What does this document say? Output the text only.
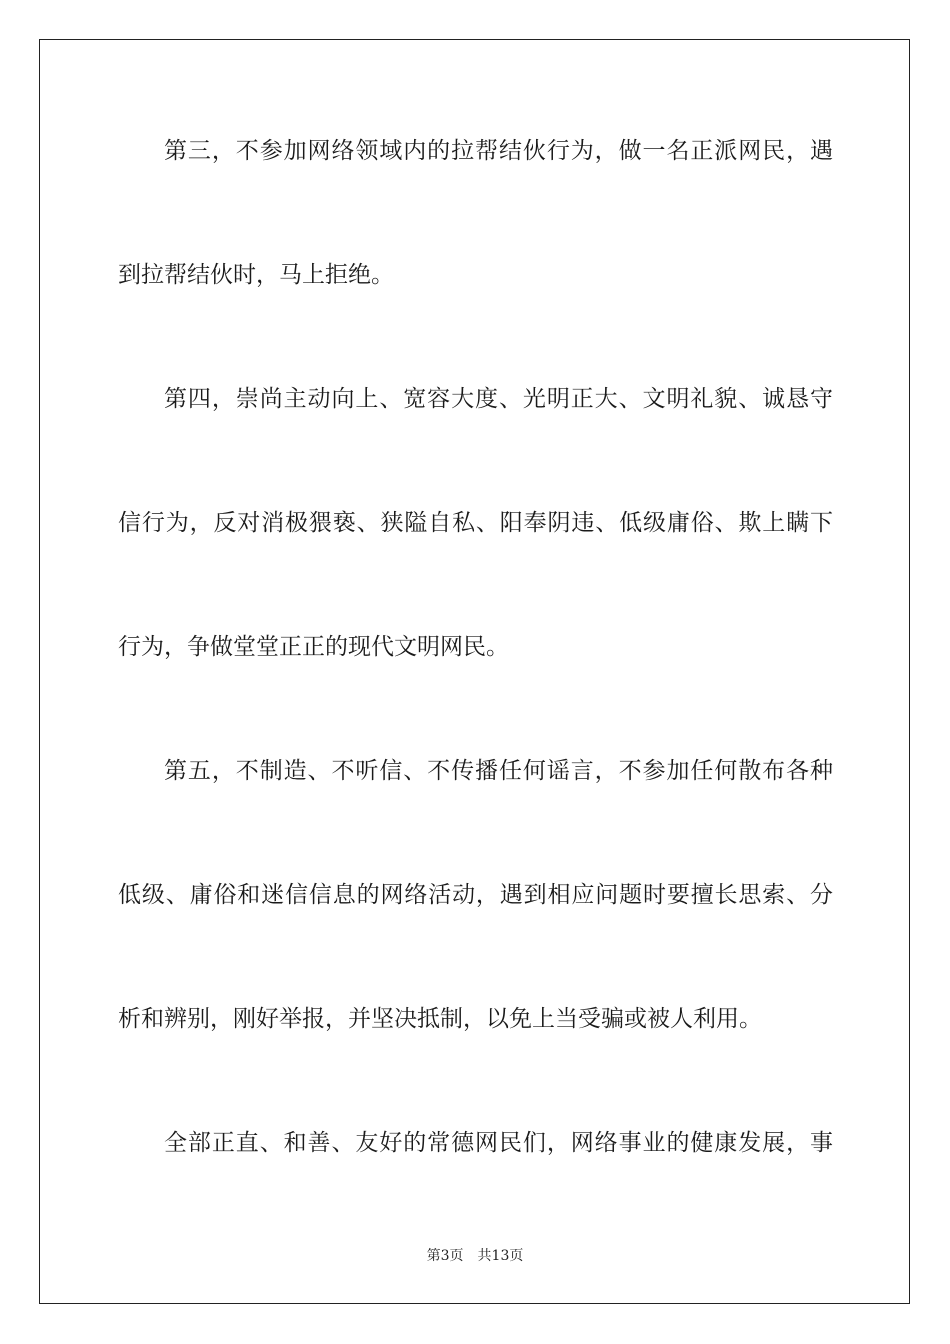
第三，不参加网络领域内的拉帮结伙行为，做一名正派网民，遇
到拉帮结伙时，马上拒绝。
第四，崇尚主动向上、宽容大度、光明正大、文明礼貌、诚恳守
信行为，反对消极猥亵、狭隘自私、阳奉阴违、低级庸俗、欺上瞒下
行为，争做堂堂正正的现代文明网民。
第五，不制造、不听信、不传播任何谣言，不参加任何散布各种
低级、庸俗和迷信信息的网络活动，遇到相应问题时要擅长思索、分
析和辨别，刚好举报，并坚决抵制，以免上当受骗或被人利用。
全部正直、和善、友好的常德网民们，网络事业的健康发展，事
第3页 共13页
